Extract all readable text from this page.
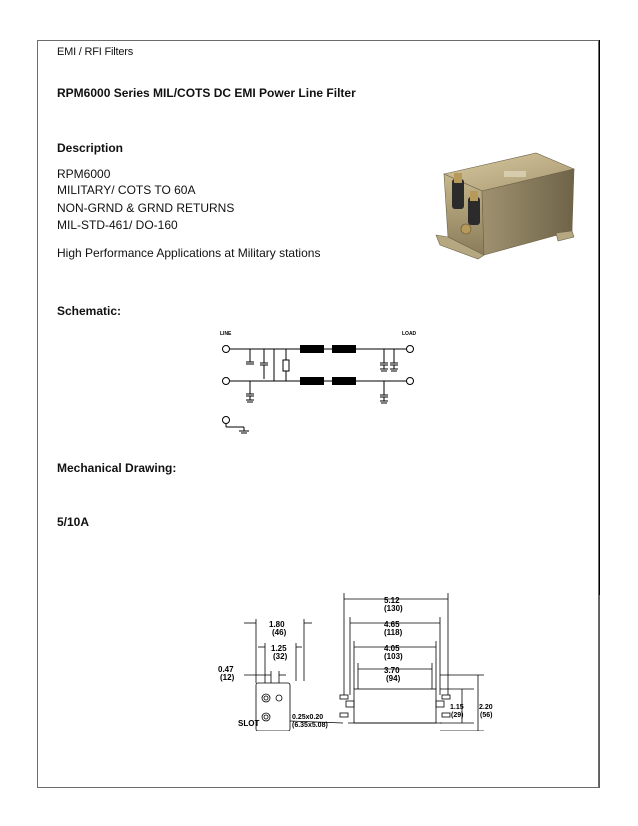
EMI / RFI Filters
RPM6000 Series MIL/COTS DC EMI Power Line Filter
Description
RPM6000
MILITARY/ COTS TO 60A
NON-GRND & GRND RETURNS
MIL-STD-461/ DO-160
High Performance Applications at Military stations
Schematic:
Mechanical Drawing:
5/10A
LINE	LOAD
1.80
(46)
1.25
(32)
0.47
(12)
5.12
(130)
4.65
(118)
4.05
(103)
3.70
(94)
1.15
(29)
2.20
(56)
SLOT
0.25x0.20
(6.35x5.08)
